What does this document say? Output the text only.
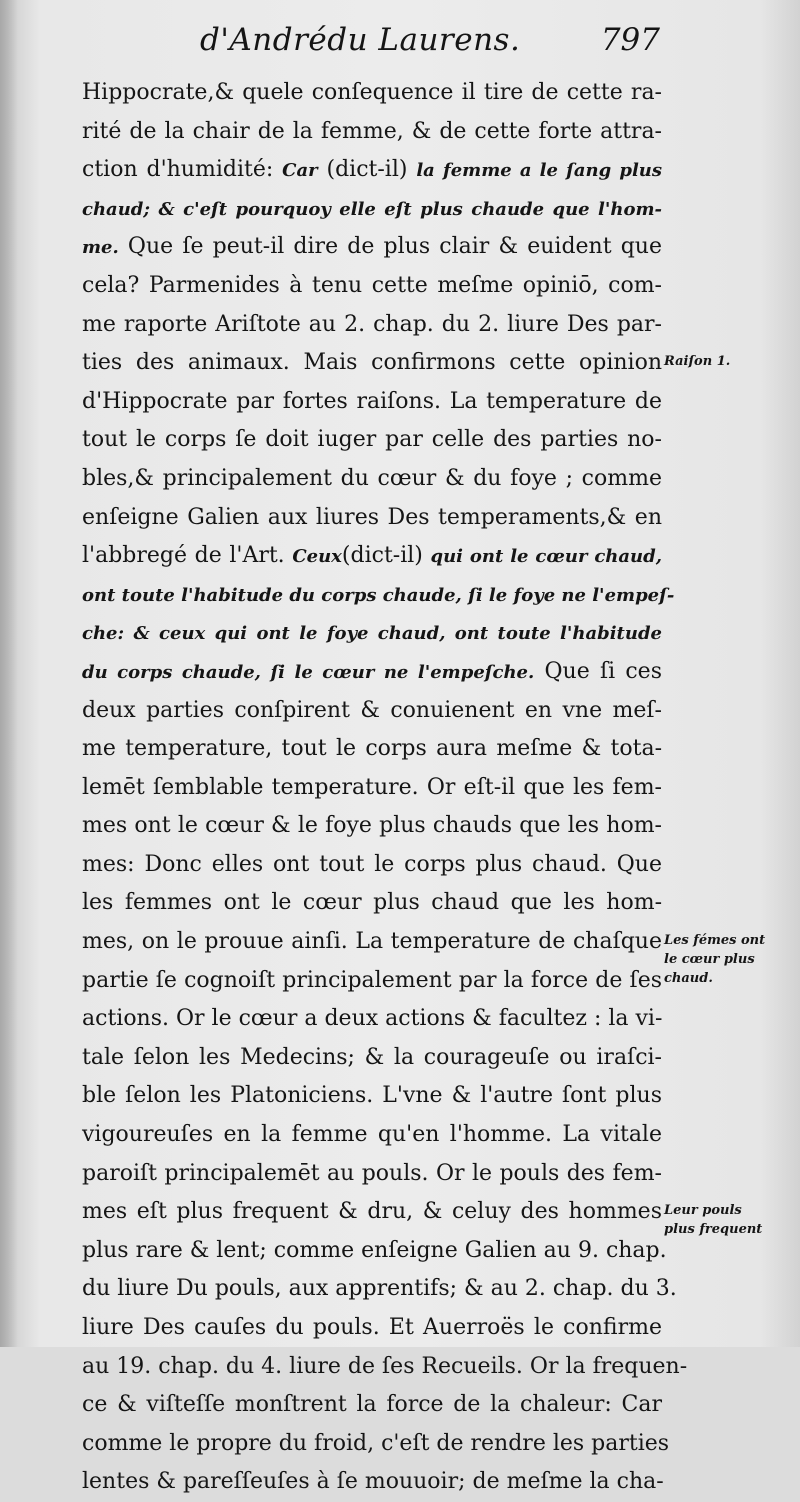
d'Andrédu Laurens.	797
Hippocrate,& quele conſequence il tire de cette ra-
rité de la chair de la femme, & de cette forte attra-
ction d'humidité: Car (dict-il) la femme a le ſang plus
chaud; & c'eſt pourquoy elle eſt plus chaude que l'hom-
me. Que ſe peut-il dire de plus clair & euident que
cela? Parmenides à tenu cette meſme opiniō, com-
me raporte Ariſtote au 2. chap. du 2. liure Des par-
ties des animaux. Mais confirmons cette opinion
d'Hippocrate par fortes raiſons. La temperature de
tout le corps ſe doit iuger par celle des parties no-
bles,& principalement du cœur & du foye ; comme
enſeigne Galien aux liures Des temperaments,& en
l'abbregé de l'Art. Ceux(dict-il) qui ont le cœur chaud,
ont toute l'habitude du corps chaude, ſi le foye ne l'empeſ-
che: & ceux qui ont le foye chaud, ont toute l'habitude
du corps chaude, ſi le cœur ne l'empeſche. Que ſi ces
deux parties conſpirent & conuienent en vne meſ-
me temperature, tout le corps aura meſme & tota-
lemēt ſemblable temperature. Or eſt-il que les fem-
mes ont le cœur & le foye plus chauds que les hom-
mes: Donc elles ont tout le corps plus chaud. Que
les femmes ont le cœur plus chaud que les hom-
mes, on le prouue ainſi. La temperature de chaſque
partie ſe cognoiſt principalement par la force de ſes
actions. Or le cœur a deux actions & facultez : la vi-
tale ſelon les Medecins; & la courageuſe ou iraſci-
ble ſelon les Platoniciens. L'vne & l'autre ſont plus
vigoureuſes en la femme qu'en l'homme. La vitale
paroiſt principalemēt au pouls. Or le pouls des fem-
mes eſt plus frequent & dru, & celuy des hommes
plus rare & lent; comme enſeigne Galien au 9. chap.
du liure Du pouls, aux apprentifs; & au 2. chap. du 3.
liure Des cauſes du pouls. Et Auerroës le confirme
au 19. chap. du 4. liure de ſes Recueils. Or la frequen-
ce & viſteſſe monſtrent la force de la chaleur: Car
comme le propre du froid, c'eſt de rendre les parties
lentes & pareſſeuſes à ſe mouuoir; de meſme la cha-
Raiſon 1.
Les fémes ont
le cœur plus
chaud.
Leur pouls
plus frequent
